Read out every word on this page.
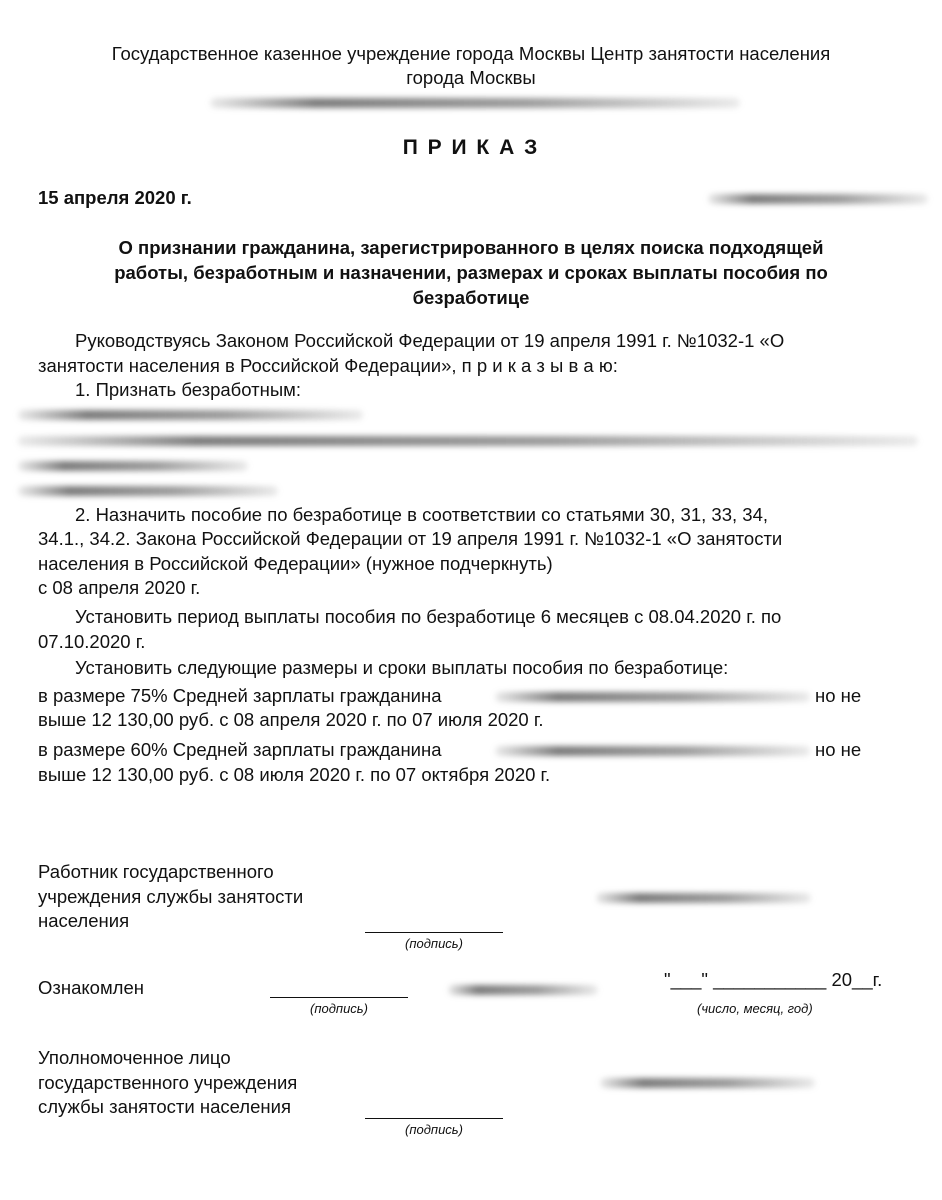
Государственное казенное учреждение города Москвы Центр занятости населения
города Москвы
П Р И К А З
15 апреля 2020 г.
О признании гражданина, зарегистрированного в целях поиска подходящей
работы, безработным и назначении, размерах и сроках выплаты пособия по
безработице
Руководствуясь Законом Российской Федерации от 19 апреля 1991 г. №1032-1 «О
занятости населения в Российской Федерации», п р и к а з ы в а ю:
1. Признать безработным:
2. Назначить пособие по безработице в соответствии со статьями 30, 31, 33, 34,
34.1., 34.2. Закона Российской Федерации от 19 апреля 1991 г. №1032-1 «О занятости
населения в Российской Федерации» (нужное подчеркнуть)
с 08 апреля 2020 г.
Установить период выплаты пособия по безработице 6 месяцев с 08.04.2020 г. по
07.10.2020 г.
Установить следующие размеры и сроки выплаты пособия по безработице:
в размере 75% Средней зарплаты гражданина	но не
выше 12 130,00 руб. с 08 апреля 2020 г. по 07 июля 2020 г.
в размере 60% Средней зарплаты гражданина	но не
выше 12 130,00 руб. с 08 июля 2020 г. по 07 октября 2020 г.
Работник государственного
учреждения службы занятости
населения
(подпись)
Ознакомлен
(подпись)
"___" ___________ 20__г.
(число, месяц, год)
Уполномоченное лицо
государственного учреждения
службы занятости населения
(подпись)
